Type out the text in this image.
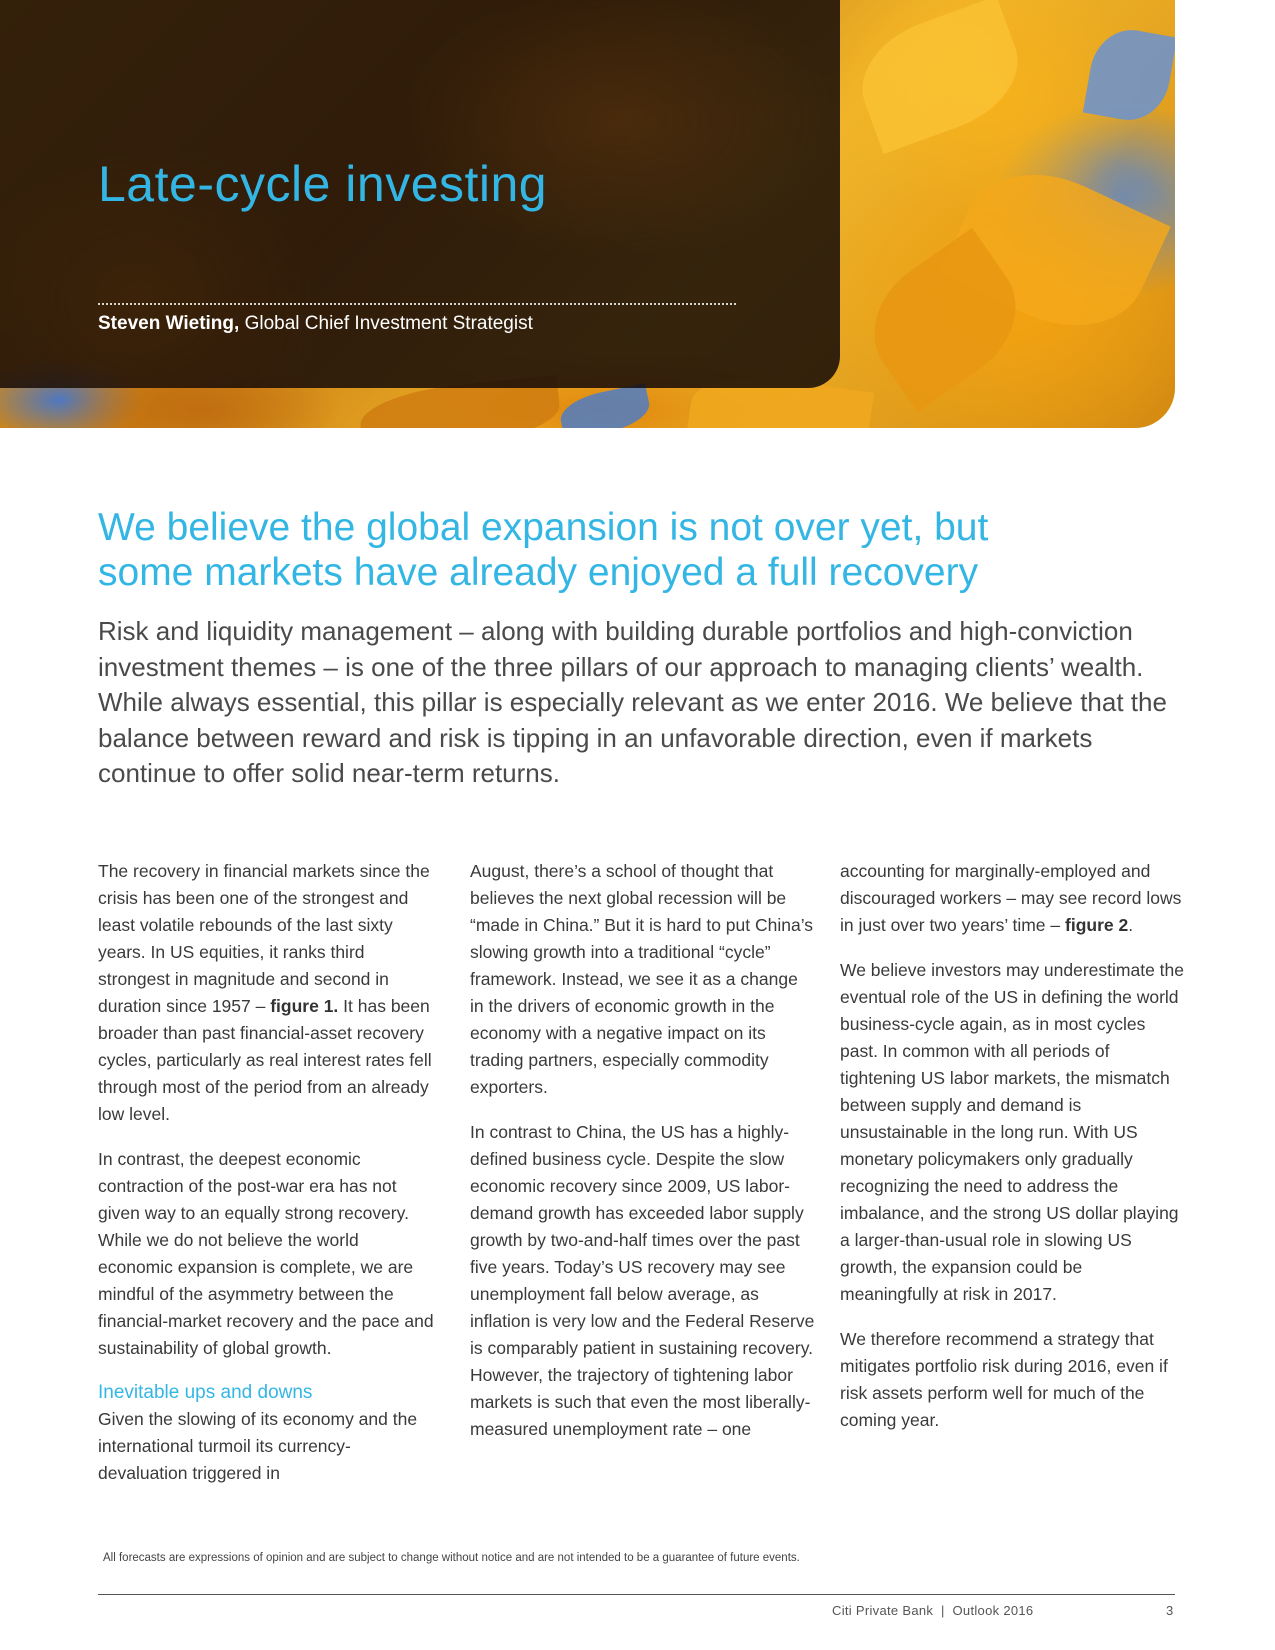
Late-cycle investing

Steven Wieting, Global Chief Investment Strategist

We believe the global expansion is not over yet, but
some markets have already enjoyed a full recovery

Risk and liquidity management – along with building durable portfolios and high-conviction investment themes – is one of the three pillars of our approach to managing clients’ wealth. While always essential, this pillar is especially relevant as we enter 2016. We believe that the balance between reward and risk is tipping in an unfavorable direction, even if markets continue to offer solid near-term returns.

The recovery in financial markets since the crisis has been one of the strongest and least volatile rebounds of the last sixty years. In US equities, it ranks third strongest in magnitude and second in duration since 1957 – figure 1. It has been broader than past financial-asset recovery cycles, particularly as real interest rates fell through most of the period from an already low level.

In contrast, the deepest economic contraction of the post-war era has not given way to an equally strong recovery. While we do not believe the world economic expansion is complete, we are mindful of the asymmetry between the financial-market recovery and the pace and sustainability of global growth.

Inevitable ups and downs

Given the slowing of its economy and the international turmoil its currency-devaluation triggered in

August, there’s a school of thought that believes the next global recession will be “made in China.” But it is hard to put China’s slowing growth into a traditional “cycle” framework. Instead, we see it as a change in the drivers of economic growth in the economy with a negative impact on its trading partners, especially commodity exporters.

In contrast to China, the US has a highly-defined business cycle. Despite the slow economic recovery since 2009, US labor-demand growth has exceeded labor supply growth by two-and-half times over the past five years. Today’s US recovery may see unemployment fall below average, as inflation is very low and the Federal Reserve is comparably patient in sustaining recovery. However, the trajectory of tightening labor markets is such that even the most liberally-measured unemployment rate – one

accounting for marginally-employed and discouraged workers – may see record lows in just over two years’ time – figure 2.

We believe investors may underestimate the eventual role of the US in defining the world business-cycle again, as in most cycles past. In common with all periods of tightening US labor markets, the mismatch between supply and demand is unsustainable in the long run. With US monetary policymakers only gradually recognizing the need to address the imbalance, and the strong US dollar playing a larger-than-usual role in slowing US growth, the expansion could be meaningfully at risk in 2017.

We therefore recommend a strategy that mitigates portfolio risk during 2016, even if risk assets perform well for much of the coming year.

All forecasts are expressions of opinion and are subject to change without notice and are not intended to be a guarantee of future events.

Citi Private Bank  |  Outlook 2016	3
